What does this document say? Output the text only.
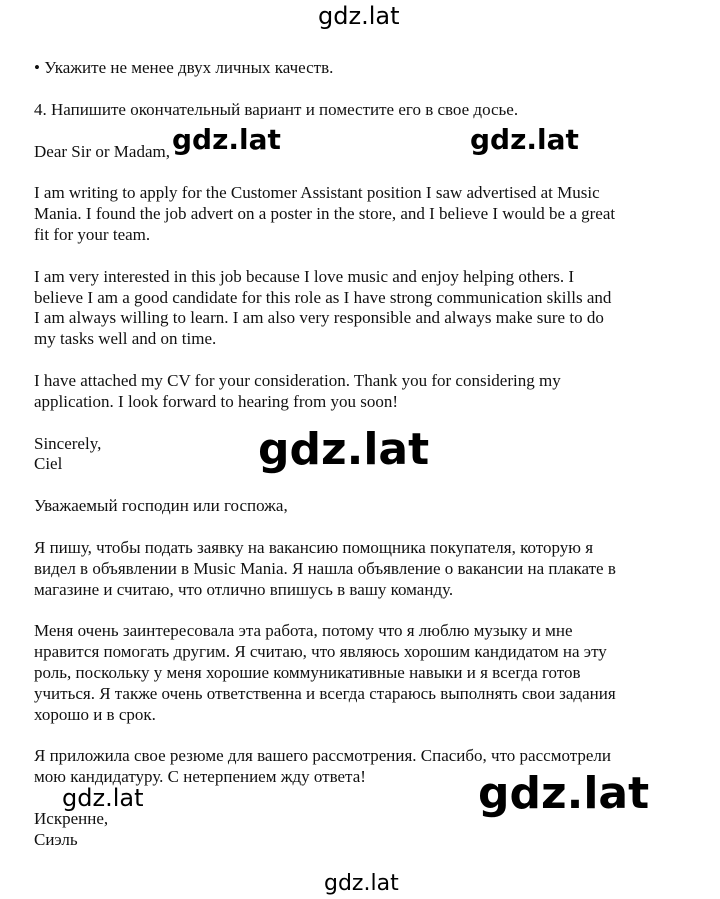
gdz.lat
gdz.lat	gdz.lat
gdz.lat
gdz.lat	gdz.lat
gdz.lat
• Укажите не менее двух личных качеств.
4. Напишите окончательный вариант и поместите его в свое досье.
Dear Sir or Madam,
I am writing to apply for the Customer Assistant position I saw advertised at Music
Mania. I found the job advert on a poster in the store, and I believe I would be a great
fit for your team.
I am very interested in this job because I love music and enjoy helping others. I
believe I am a good candidate for this role as I have strong communication skills and
I am always willing to learn. I am also very responsible and always make sure to do
my tasks well and on time.
I have attached my CV for your consideration. Thank you for considering my
application. I look forward to hearing from you soon!
Sincerely,
Ciel
Уважаемый господин или госпожа,
Я пишу, чтобы подать заявку на вакансию помощника покупателя, которую я
видел в объявлении в Music Mania. Я нашла объявление о вакансии на плакате в
магазине и считаю, что отлично впишусь в вашу команду.
Меня очень заинтересовала эта работа, потому что я люблю музыку и мне
нравится помогать другим. Я считаю, что являюсь хорошим кандидатом на эту
роль, поскольку у меня хорошие коммуникативные навыки и я всегда готов
учиться. Я также очень ответственна и всегда стараюсь выполнять свои задания
хорошо и в срок.
Я приложила свое резюме для вашего рассмотрения. Спасибо, что рассмотрели
мою кандидатуру. С нетерпением жду ответа!
Искренне,
Сиэль
